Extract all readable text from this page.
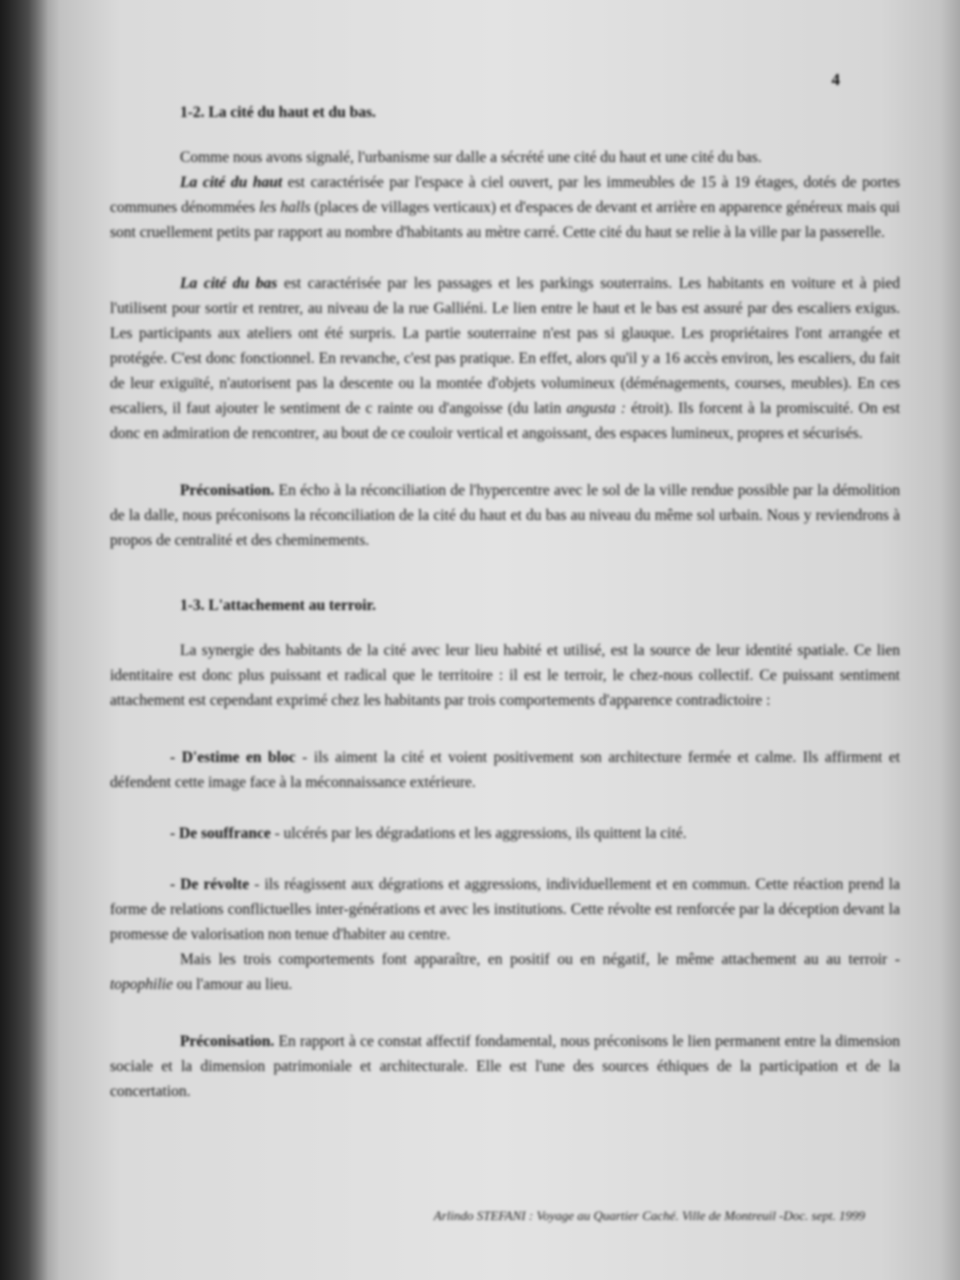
4
1-2. La cité du haut et du bas.

Comme nous avons signalé, l'urbanisme sur dalle a sécrété une cité du haut et une cité du bas.

La cité du haut est caractérisée par l'espace à ciel ouvert, par les immeubles de 15 à 19 étages, dotés de portes communes dénommées les halls (places de villages verticaux) et d'espaces de devant et arrière en apparence généreux mais qui sont cruellement petits par rapport au nombre d'habitants au mètre carré. Cette cité du haut se relie à la ville par la passerelle.

La cité du bas est caractérisée par les passages et les parkings souterrains. Les habitants en voiture et à pied l'utilisent pour sortir et rentrer, au niveau de la rue Galliéni. Le lien entre le haut et le bas est assuré par des escaliers exigus. Les participants aux ateliers ont été surpris. La partie souterraine n'est pas si glauque. Les propriétaires l'ont arrangée et protégée. C'est donc fonctionnel. En revanche, c'est pas pratique. En effet, alors qu'il y a 16 accès environ, les escaliers, du fait de leur exiguïté, n'autorisent pas la descente ou la montée d'objets volumineux (déménagements, courses, meubles). En ces escaliers, il faut ajouter le sentiment de c rainte ou d'angoisse (du latin angusta : étroit). Ils forcent à la promiscuité. On est donc en admiration de rencontrer, au bout de ce couloir vertical et angoissant, des espaces lumineux, propres et sécurisés.

Préconisation. En écho à la réconciliation de l'hypercentre avec le sol de la ville rendue possible par la démolition de la dalle, nous préconisons la réconciliation de la cité du haut et du bas au niveau du même sol urbain. Nous y reviendrons à propos de centralité et des cheminements.

1-3. L'attachement au terroir.

La synergie des habitants de la cité avec leur lieu habité et utilisé, est la source de leur identité spatiale. Ce lien identitaire est donc plus puissant et radical que le territoire : il est le terroir, le chez-nous collectif. Ce puissant sentiment attachement est cependant exprimé chez les habitants par trois comportements d'apparence contradictoire :

- D'estime en bloc - ils aiment la cité et voient positivement son architecture fermée et calme. Ils affirment et défendent cette image face à la méconnaissance extérieure.

- De souffrance - ulcérés par les dégradations et les aggressions, ils quittent la cité.

- De révolte - ils réagissent aux dégrations et aggressions, individuellement et en commun. Cette réaction prend la forme de relations conflictuelles inter-générations et avec les institutions. Cette révolte est renforcée par la déception devant la promesse de valorisation non tenue d'habiter au centre.

Mais les trois comportements font apparaître, en positif ou en négatif, le même attachement au au terroir - topophilie ou l'amour au lieu.

Préconisation. En rapport à ce constat affectif fondamental, nous préconisons le lien permanent entre la dimension sociale et la dimension patrimoniale et architecturale. Elle est l'une des sources éthiques de la participation et de la concertation.

Arlindo STEFANI : Voyage au Quartier Caché. Ville de Montreuil -Doc. sept. 1999
